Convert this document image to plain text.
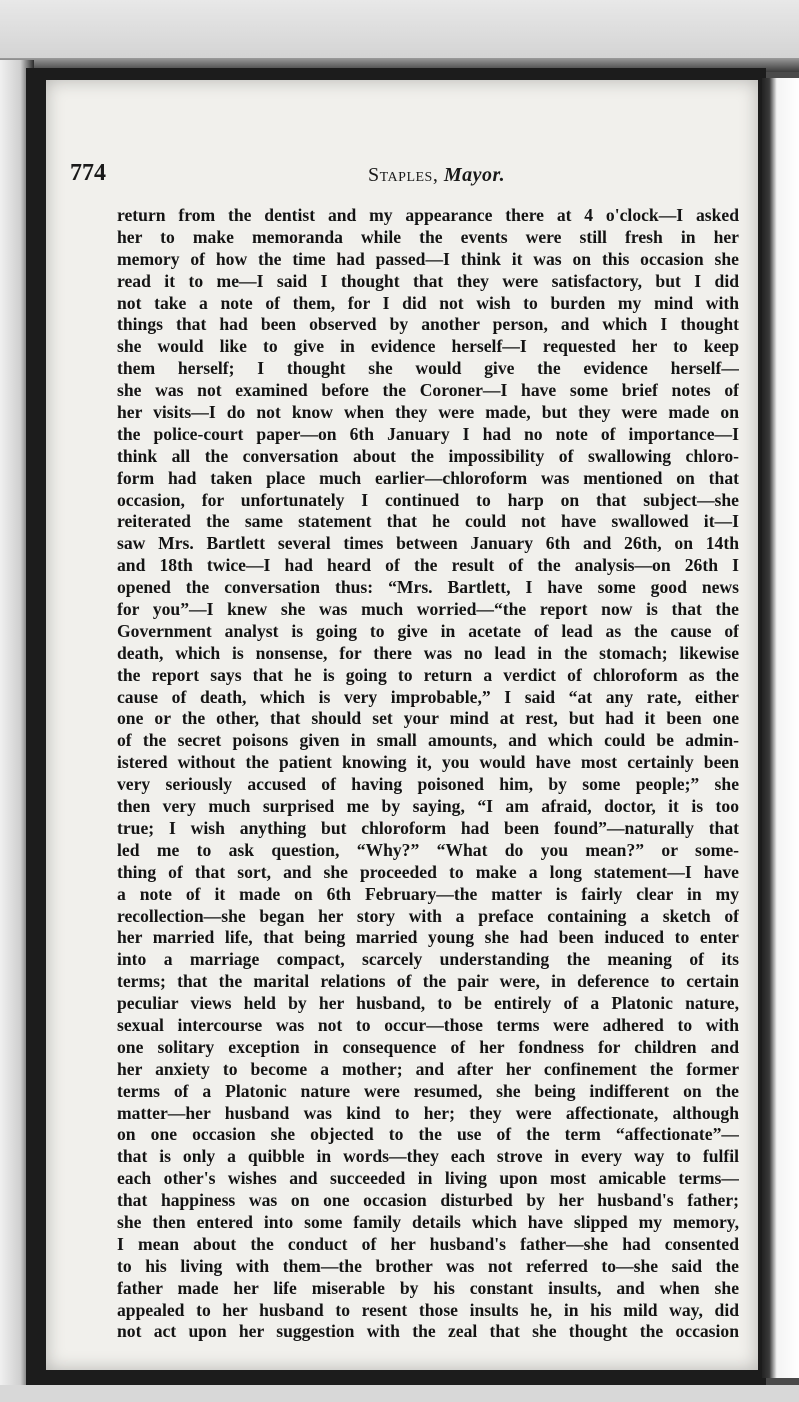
774	Staples, Mayor.
return from the dentist and my appearance there at 4 o'clock—I asked
her to make memoranda while the events were still fresh in her
memory of how the time had passed—I think it was on this occasion she
read it to me—I said I thought that they were satisfactory, but I did
not take a note of them, for I did not wish to burden my mind with
things that had been observed by another person, and which I thought
she would like to give in evidence herself—I requested her to keep
them herself; I thought she would give the evidence herself—
she was not examined before the Coroner—I have some brief notes of
her visits—I do not know when they were made, but they were made on
the police-court paper—on 6th January I had no note of importance—I
think all the conversation about the impossibility of swallowing chloro-
form had taken place much earlier—chloroform was mentioned on that
occasion, for unfortunately I continued to harp on that subject—she
reiterated the same statement that he could not have swallowed it—I
saw Mrs. Bartlett several times between January 6th and 26th, on 14th
and 18th twice—I had heard of the result of the analysis—on 26th I
opened the conversation thus: “Mrs. Bartlett, I have some good news
for you”—I knew she was much worried—“the report now is that the
Government analyst is going to give in acetate of lead as the cause of
death, which is nonsense, for there was no lead in the stomach; likewise
the report says that he is going to return a verdict of chloroform as the
cause of death, which is very improbable,” I said “at any rate, either
one or the other, that should set your mind at rest, but had it been one
of the secret poisons given in small amounts, and which could be admin-
istered without the patient knowing it, you would have most certainly been
very seriously accused of having poisoned him, by some people;” she
then very much surprised me by saying, “I am afraid, doctor, it is too
true; I wish anything but chloroform had been found”—naturally that
led me to ask question, “Why?” “What do you mean?” or some-
thing of that sort, and she proceeded to make a long statement—I have
a note of it made on 6th February—the matter is fairly clear in my
recollection—she began her story with a preface containing a sketch of
her married life, that being married young she had been induced to enter
into a marriage compact, scarcely understanding the meaning of its
terms; that the marital relations of the pair were, in deference to certain
peculiar views held by her husband, to be entirely of a Platonic nature,
sexual intercourse was not to occur—those terms were adhered to with
one solitary exception in consequence of her fondness for children and
her anxiety to become a mother; and after her confinement the former
terms of a Platonic nature were resumed, she being indifferent on the
matter—her husband was kind to her; they were affectionate, although
on one occasion she objected to the use of the term “affectionate”—
that is only a quibble in words—they each strove in every way to fulfil
each other's wishes and succeeded in living upon most amicable terms—
that happiness was on one occasion disturbed by her husband's father;
she then entered into some family details which have slipped my memory,
I mean about the conduct of her husband's father—she had consented
to his living with them—the brother was not referred to—she said the
father made her life miserable by his constant insults, and when she
appealed to her husband to resent those insults he, in his mild way, did
not act upon her suggestion with the zeal that she thought the occasion
